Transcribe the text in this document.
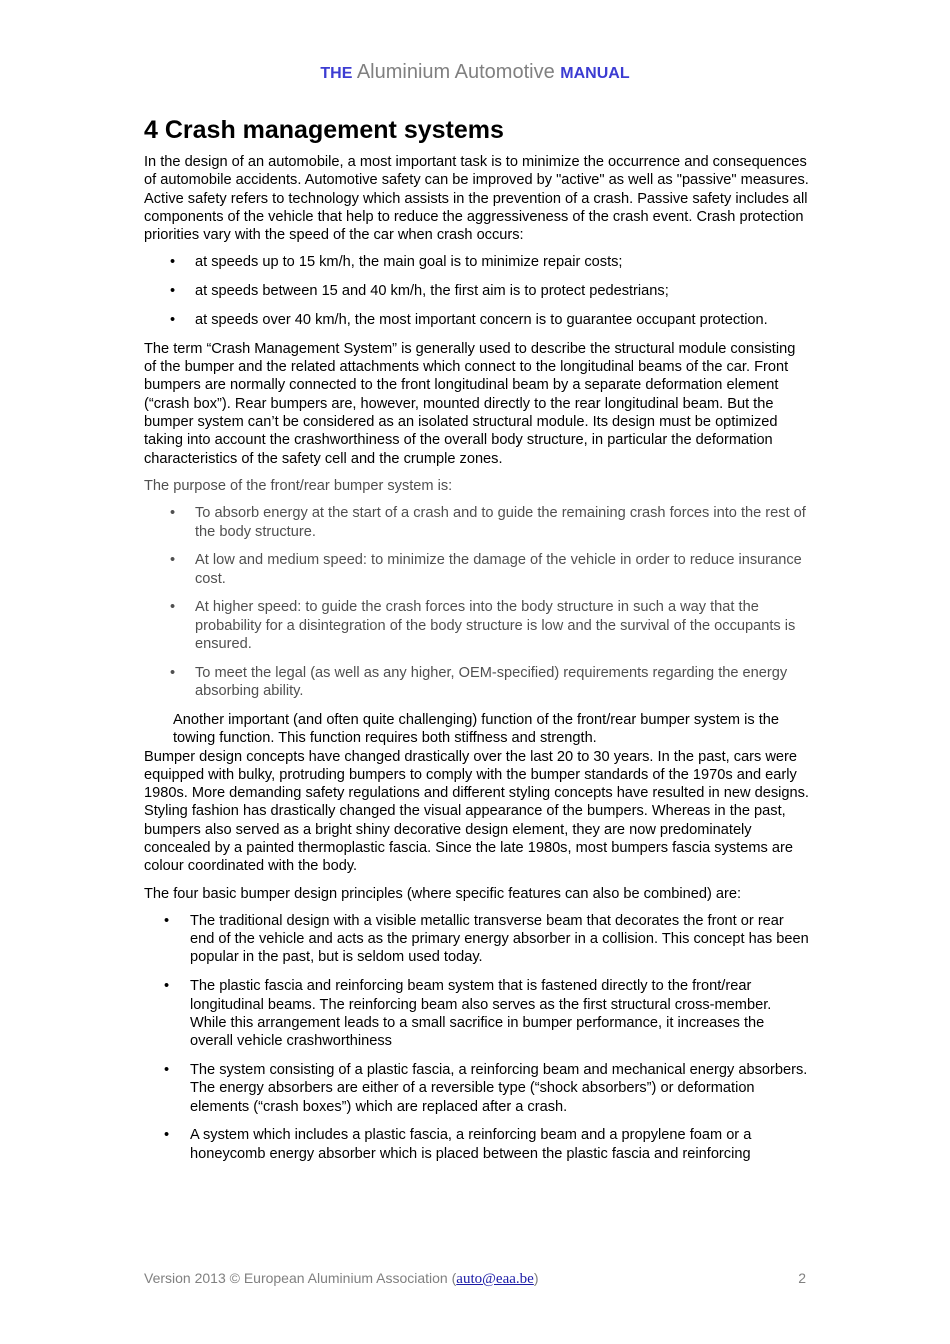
THE Aluminium Automotive MANUAL
4 Crash management systems

In the design of an automobile, a most important task is to minimize the occurrence and consequences of automobile accidents. Automotive safety can be improved by "active" as well as "passive" measures. Active safety refers to technology which assists in the prevention of a crash. Passive safety includes all components of the vehicle that help to reduce the aggressiveness of the crash event. Crash protection priorities vary with the speed of the car when crash occurs:

• at speeds up to 15 km/h, the main goal is to minimize repair costs;
• at speeds between 15 and 40 km/h, the first aim is to protect pedestrians;
• at speeds over 40 km/h, the most important concern is to guarantee occupant protection.

The term “Crash Management System” is generally used to describe the structural module consisting of the bumper and the related attachments which connect to the longitudinal beams of the car. Front bumpers are normally connected to the front longitudinal beam by a separate deformation element (“crash box”). Rear bumpers are, however, mounted directly to the rear longitudinal beam. But the bumper system can’t be considered as an isolated structural module. Its design must be optimized taking into account the crashworthiness of the overall body structure, in particular the deformation characteristics of the safety cell and the crumple zones.

The purpose of the front/rear bumper system is:

• To absorb energy at the start of a crash and to guide the remaining crash forces into the rest of the body structure.
• At low and medium speed: to minimize the damage of the vehicle in order to reduce insurance cost.
• At higher speed: to guide the crash forces into the body structure in such a way that the probability for a disintegration of the body structure is low and the survival of the occupants is ensured.
• To meet the legal (as well as any higher, OEM-specified) requirements regarding the energy absorbing ability.

Another important (and often quite challenging) function of the front/rear bumper system is the towing function. This function requires both stiffness and strength.

Bumper design concepts have changed drastically over the last 20 to 30 years. In the past, cars were equipped with bulky, protruding bumpers to comply with the bumper standards of the 1970s and early 1980s. More demanding safety regulations and different styling concepts have resulted in new designs. Styling fashion has drastically changed the visual appearance of the bumpers. Whereas in the past, bumpers also served as a bright shiny decorative design element, they are now predominately concealed by a painted thermoplastic fascia. Since the late 1980s, most bumpers fascia systems are colour coordinated with the body.

The four basic bumper design principles (where specific features can also be combined) are:

• The traditional design with a visible metallic transverse beam that decorates the front or rear end of the vehicle and acts as the primary energy absorber in a collision. This concept has been popular in the past, but is seldom used today.
• The plastic fascia and reinforcing beam system that is fastened directly to the front/rear longitudinal beams. The reinforcing beam also serves as the first structural cross-member. While this arrangement leads to a small sacrifice in bumper performance, it increases the overall vehicle crashworthiness
• The system consisting of a plastic fascia, a reinforcing beam and mechanical energy absorbers. The energy absorbers are either of a reversible type (“shock absorbers”) or deformation elements (“crash boxes”) which are replaced after a crash.
• A system which includes a plastic fascia, a reinforcing beam and a propylene foam or a honeycomb energy absorber which is placed between the plastic fascia and reinforcing
Version 2013 © European Aluminium Association (auto@eaa.be)	2
